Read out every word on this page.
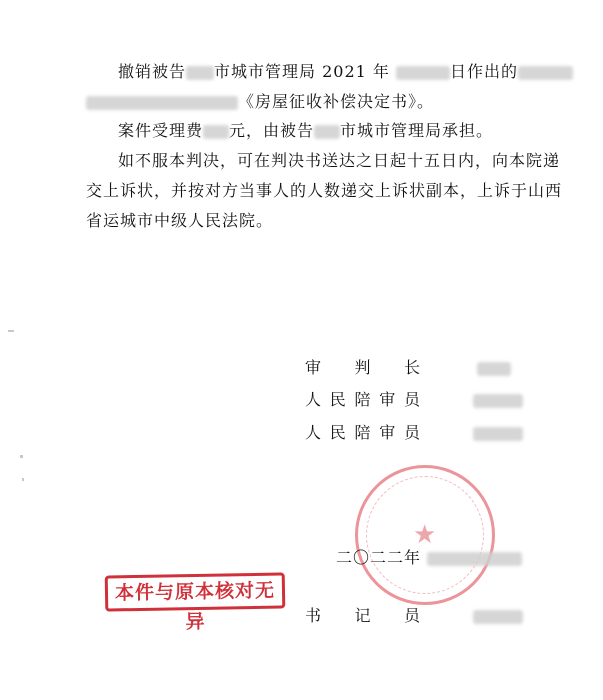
撤销被告 市城市管理局 2021 年	日作出的
《房屋征收补偿决定书》。
案件受理费 元，由被告 市城市管理局承担。
如不服本判决，可在判决书送达之日起十五日内，向本院递
交上诉状，并按对方当事人的人数递交上诉状副本，上诉于山西
省运城市中级人民法院。
审 判 长

人 民 陪 审 员

人 民 陪 审 员

★
二〇二二年
本件与原本核对无异	书 记 员
